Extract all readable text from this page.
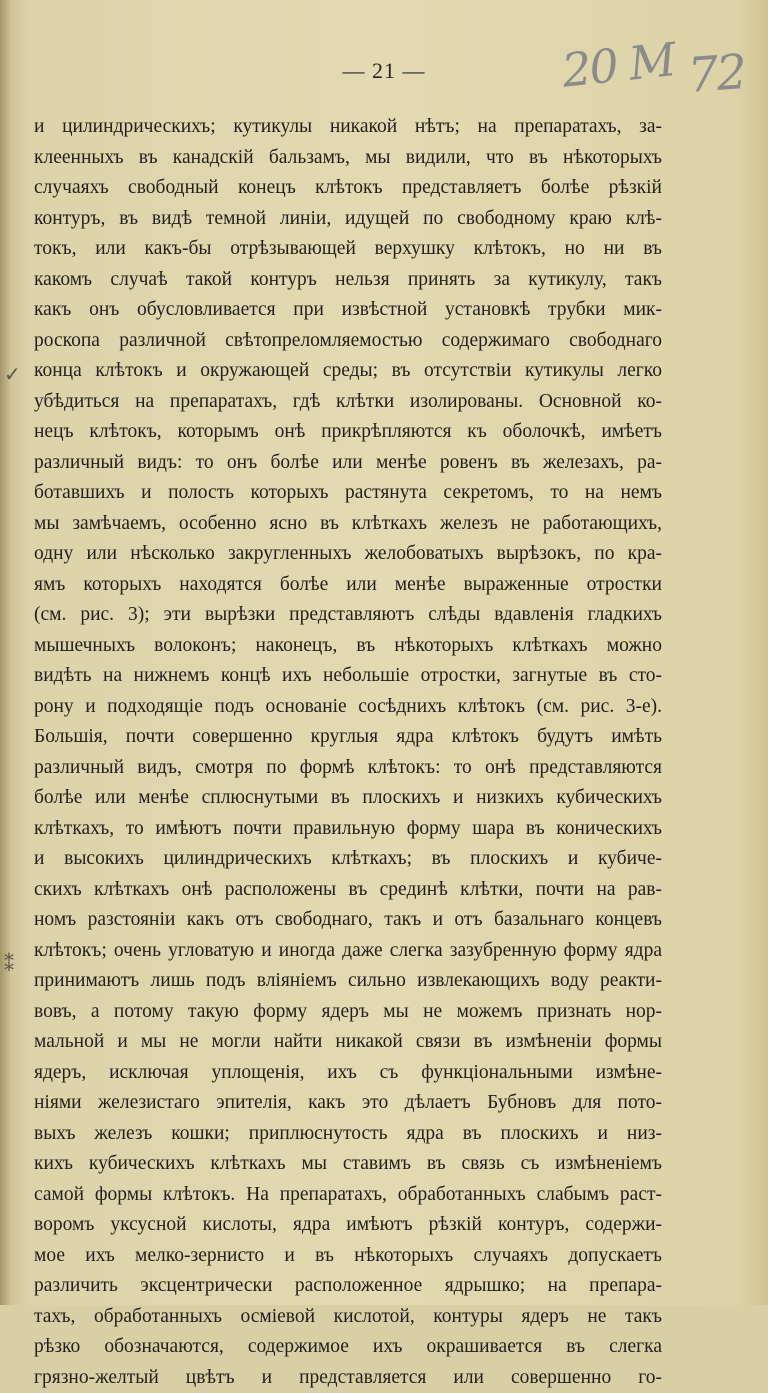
— 21 —	20 M 72
✓
⁑
и цилиндрическихъ; кутикулы никакой нѣтъ; на препаратахъ, за-
клеенныхъ въ канадскій бальзамъ, мы видили, что въ нѣкоторыхъ
случаяхъ свободный конецъ клѣтокъ представляетъ болѣе рѣзкій
контуръ, въ видѣ темной линіи, идущей по свободному краю клѣ-
токъ, или какъ-бы отрѣзывающей верхушку клѣтокъ, но ни въ
какомъ случаѣ такой контуръ нельзя принять за кутикулу, такъ
какъ онъ обусловливается при извѣстной установкѣ трубки мик-
роскопа различной свѣтопреломляемостью содержимаго свободнаго
конца клѣтокъ и окружающей среды; въ отсутствіи кутикулы легко
убѣдиться на препаратахъ, гдѣ клѣтки изолированы. Основной ко-
нецъ клѣтокъ, которымъ онѣ прикрѣпляются къ оболочкѣ, имѣетъ
различный видъ: то онъ болѣе или менѣе ровенъ въ железахъ, ра-
ботавшихъ и полость которыхъ растянута секретомъ, то на немъ
мы замѣчаемъ, особенно ясно въ клѣткахъ железъ не работающихъ,
одну или нѣсколько закругленныхъ желобоватыхъ вырѣзокъ, по кра-
ямъ которыхъ находятся болѣе или менѣе выраженные отростки
(см. рис. 3); эти вырѣзки представляютъ слѣды вдавленія гладкихъ
мышечныхъ волоконъ; наконецъ, въ нѣкоторыхъ клѣткахъ можно
видѣть на нижнемъ концѣ ихъ небольшіе отростки, загнутые въ сто-
рону и подходящіе подъ основаніе сосѣднихъ клѣтокъ (см. рис. 3-е).
Большія, почти совершенно круглыя ядра клѣтокъ будутъ имѣть
различный видъ, смотря по формѣ клѣтокъ: то онѣ представляются
болѣе или менѣе сплюснутыми въ плоскихъ и низкихъ кубическихъ
клѣткахъ, то имѣютъ почти правильную форму шара въ коническихъ
и высокихъ цилиндрическихъ клѣткахъ; въ плоскихъ и кубиче-
скихъ клѣткахъ онѣ расположены въ срединѣ клѣтки, почти на рав-
номъ разстояніи какъ отъ свободнаго, такъ и отъ базальнаго концевъ
клѣтокъ; очень угловатую и иногда даже слегка зазубренную форму ядра
принимаютъ лишь подъ вліяніемъ сильно извлекающихъ воду реакти-
вовъ, а потому такую форму ядеръ мы не можемъ признать нор-
мальной и мы не могли найти никакой связи въ измѣненіи формы
ядеръ, исключая уплощенія, ихъ съ функціональными измѣне-
ніями железистаго эпителія, какъ это дѣлаетъ Бубновъ для пото-
выхъ железъ кошки; приплюснутость ядра въ плоскихъ и низ-
кихъ кубическихъ клѣткахъ мы ставимъ въ связь съ измѣненіемъ
самой формы клѣтокъ. На препаратахъ, обработанныхъ слабымъ раст-
воромъ уксусной кислоты, ядра имѣютъ рѣзкій контуръ, содержи-
мое ихъ мелко-зернисто и въ нѣкоторыхъ случаяхъ допускаетъ
различить эксцентрически расположенное ядрышко; на препара-
тахъ, обработанныхъ осміевой кислотой, контуры ядеръ не такъ
рѣзко обозначаются, содержимое ихъ окрашивается въ слегка
грязно-желтый цвѣтъ и представляется или совершенно го-
